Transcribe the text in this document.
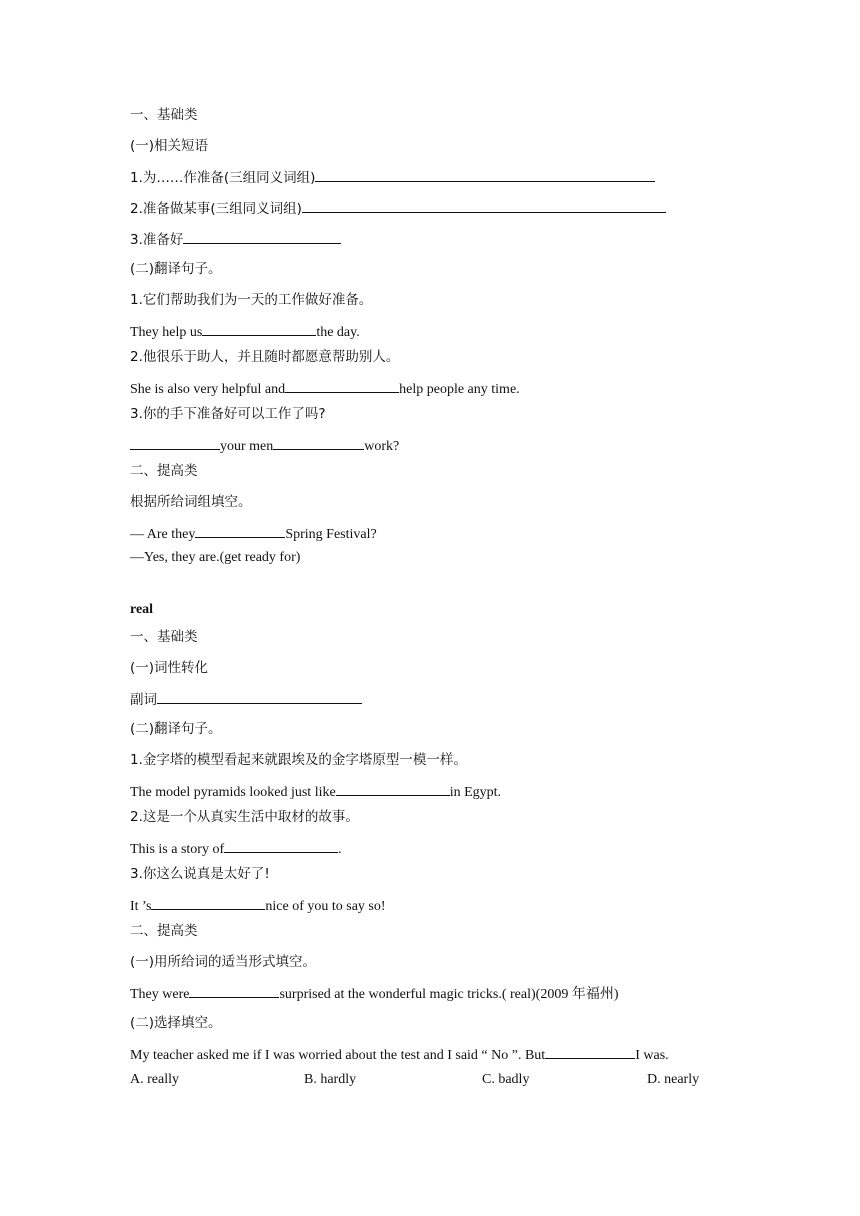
一、基础类
(一)相关短语
1.为……作准备(三组同义词组)
2.准备做某事(三组同义词组)
3.准备好
(二)翻译句子。
1.它们帮助我们为一天的工作做好准备。
They help us	the day.
2.他很乐于助人，并且随时都愿意帮助别人。
She is also very helpful and	help people any time.
3.你的手下准备好可以工作了吗?
your men	work?
二、提高类
根据所给词组填空。
— Are they	Spring Festival?
—Yes, they are.(get ready for)
real
一、基础类
(一)词性转化
副词
(二)翻译句子。
1.金字塔的模型看起来就跟埃及的金字塔原型一模一样。
The model pyramids looked just like	in Egypt.
2.这是一个从真实生活中取材的故事。
This is a story of	.
3.你这么说真是太好了!
It ’s	nice of you to say so!
二、提高类
(一)用所给词的适当形式填空。
They were	surprised at the wonderful magic tricks.( real)(2009 年福州)
(二)选择填空。
My teacher asked me if I was worried about the test and I said “ No ”. But	I was.
A. really	B. hardly	C. badly	D. nearly
